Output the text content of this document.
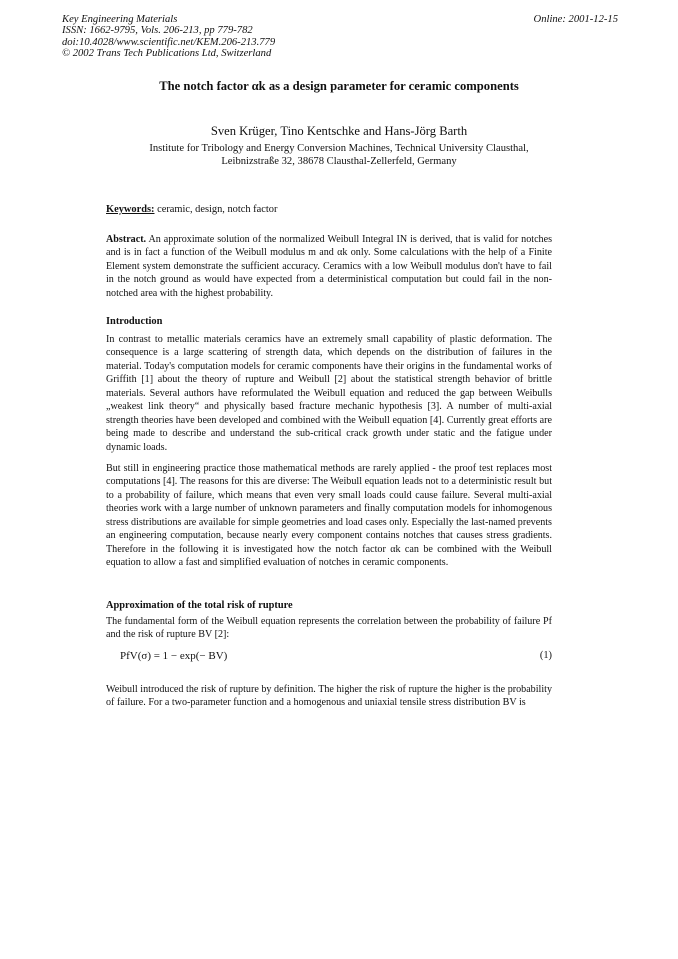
Key Engineering Materials
ISSN: 1662-9795, Vols. 206-213, pp 779-782
doi:10.4028/www.scientific.net/KEM.206-213.779
© 2002 Trans Tech Publications Ltd, Switzerland
Online: 2001-12-15
The notch factor αk as a design parameter for ceramic components
Sven Krüger, Tino Kentschke and Hans-Jörg Barth
Institute for Tribology and Energy Conversion Machines, Technical University Clausthal,
Leibnizstraße 32, 38678 Clausthal-Zellerfeld, Germany
Keywords: ceramic, design, notch factor

Abstract. An approximate solution of the normalized Weibull Integral IN is derived, that is valid for notches and is in fact a function of the Weibull modulus m and αk only. Some calculations with the help of a Finite Element system demonstrate the sufficient accuracy. Ceramics with a low Weibull modulus don't have to fail in the notch ground as would have expected from a deterministical computation but could fail in the non-notched area with the highest probability.

Introduction

In contrast to metallic materials ceramics have an extremely small capability of plastic deformation. The consequence is a large scattering of strength data, which depends on the distribution of failures in the material. Today's computation models for ceramic components have their origins in the fundamental works of Griffith [1] about the theory of rupture and Weibull [2] about the statistical strength behavior of brittle materials. Several authors have reformulated the Weibull equation and reduced the gap between Weibulls „weakest link theory“ and physically based fracture mechanic hypothesis [3]. A number of multi-axial strength theories have been developed and combined with the Weibull equation [4]. Currently great efforts are being made to describe and understand the sub-critical crack growth under static and the fatigue under dynamic loads.

But still in engineering practice those mathematical methods are rarely applied - the proof test replaces most computations [4]. The reasons for this are diverse: The Weibull equation leads not to a deterministic result but to a probability of failure, which means that even very small loads could cause failure. Several multi-axial theories work with a large number of unknown parameters and finally computation models for inhomogenous stress distributions are available for simple geometries and load cases only. Especially the last-named prevents an engineering computation, because nearly every component contains notches that causes stress gradients. Therefore in the following it is investigated how the notch factor αk can be combined with the Weibull equation to allow a fast and simplified evaluation of notches in ceramic components.

Approximation of the total risk of rupture

The fundamental form of the Weibull equation represents the correlation between the probability of failure Pf and the risk of rupture BV [2]:

PfV(σ) = 1 − exp(− BV)	(1)

Weibull introduced the risk of rupture by definition. The higher the risk of rupture the higher is the probability of failure. For a two-parameter function and a homogenous and uniaxial tensile stress distribution BV is
